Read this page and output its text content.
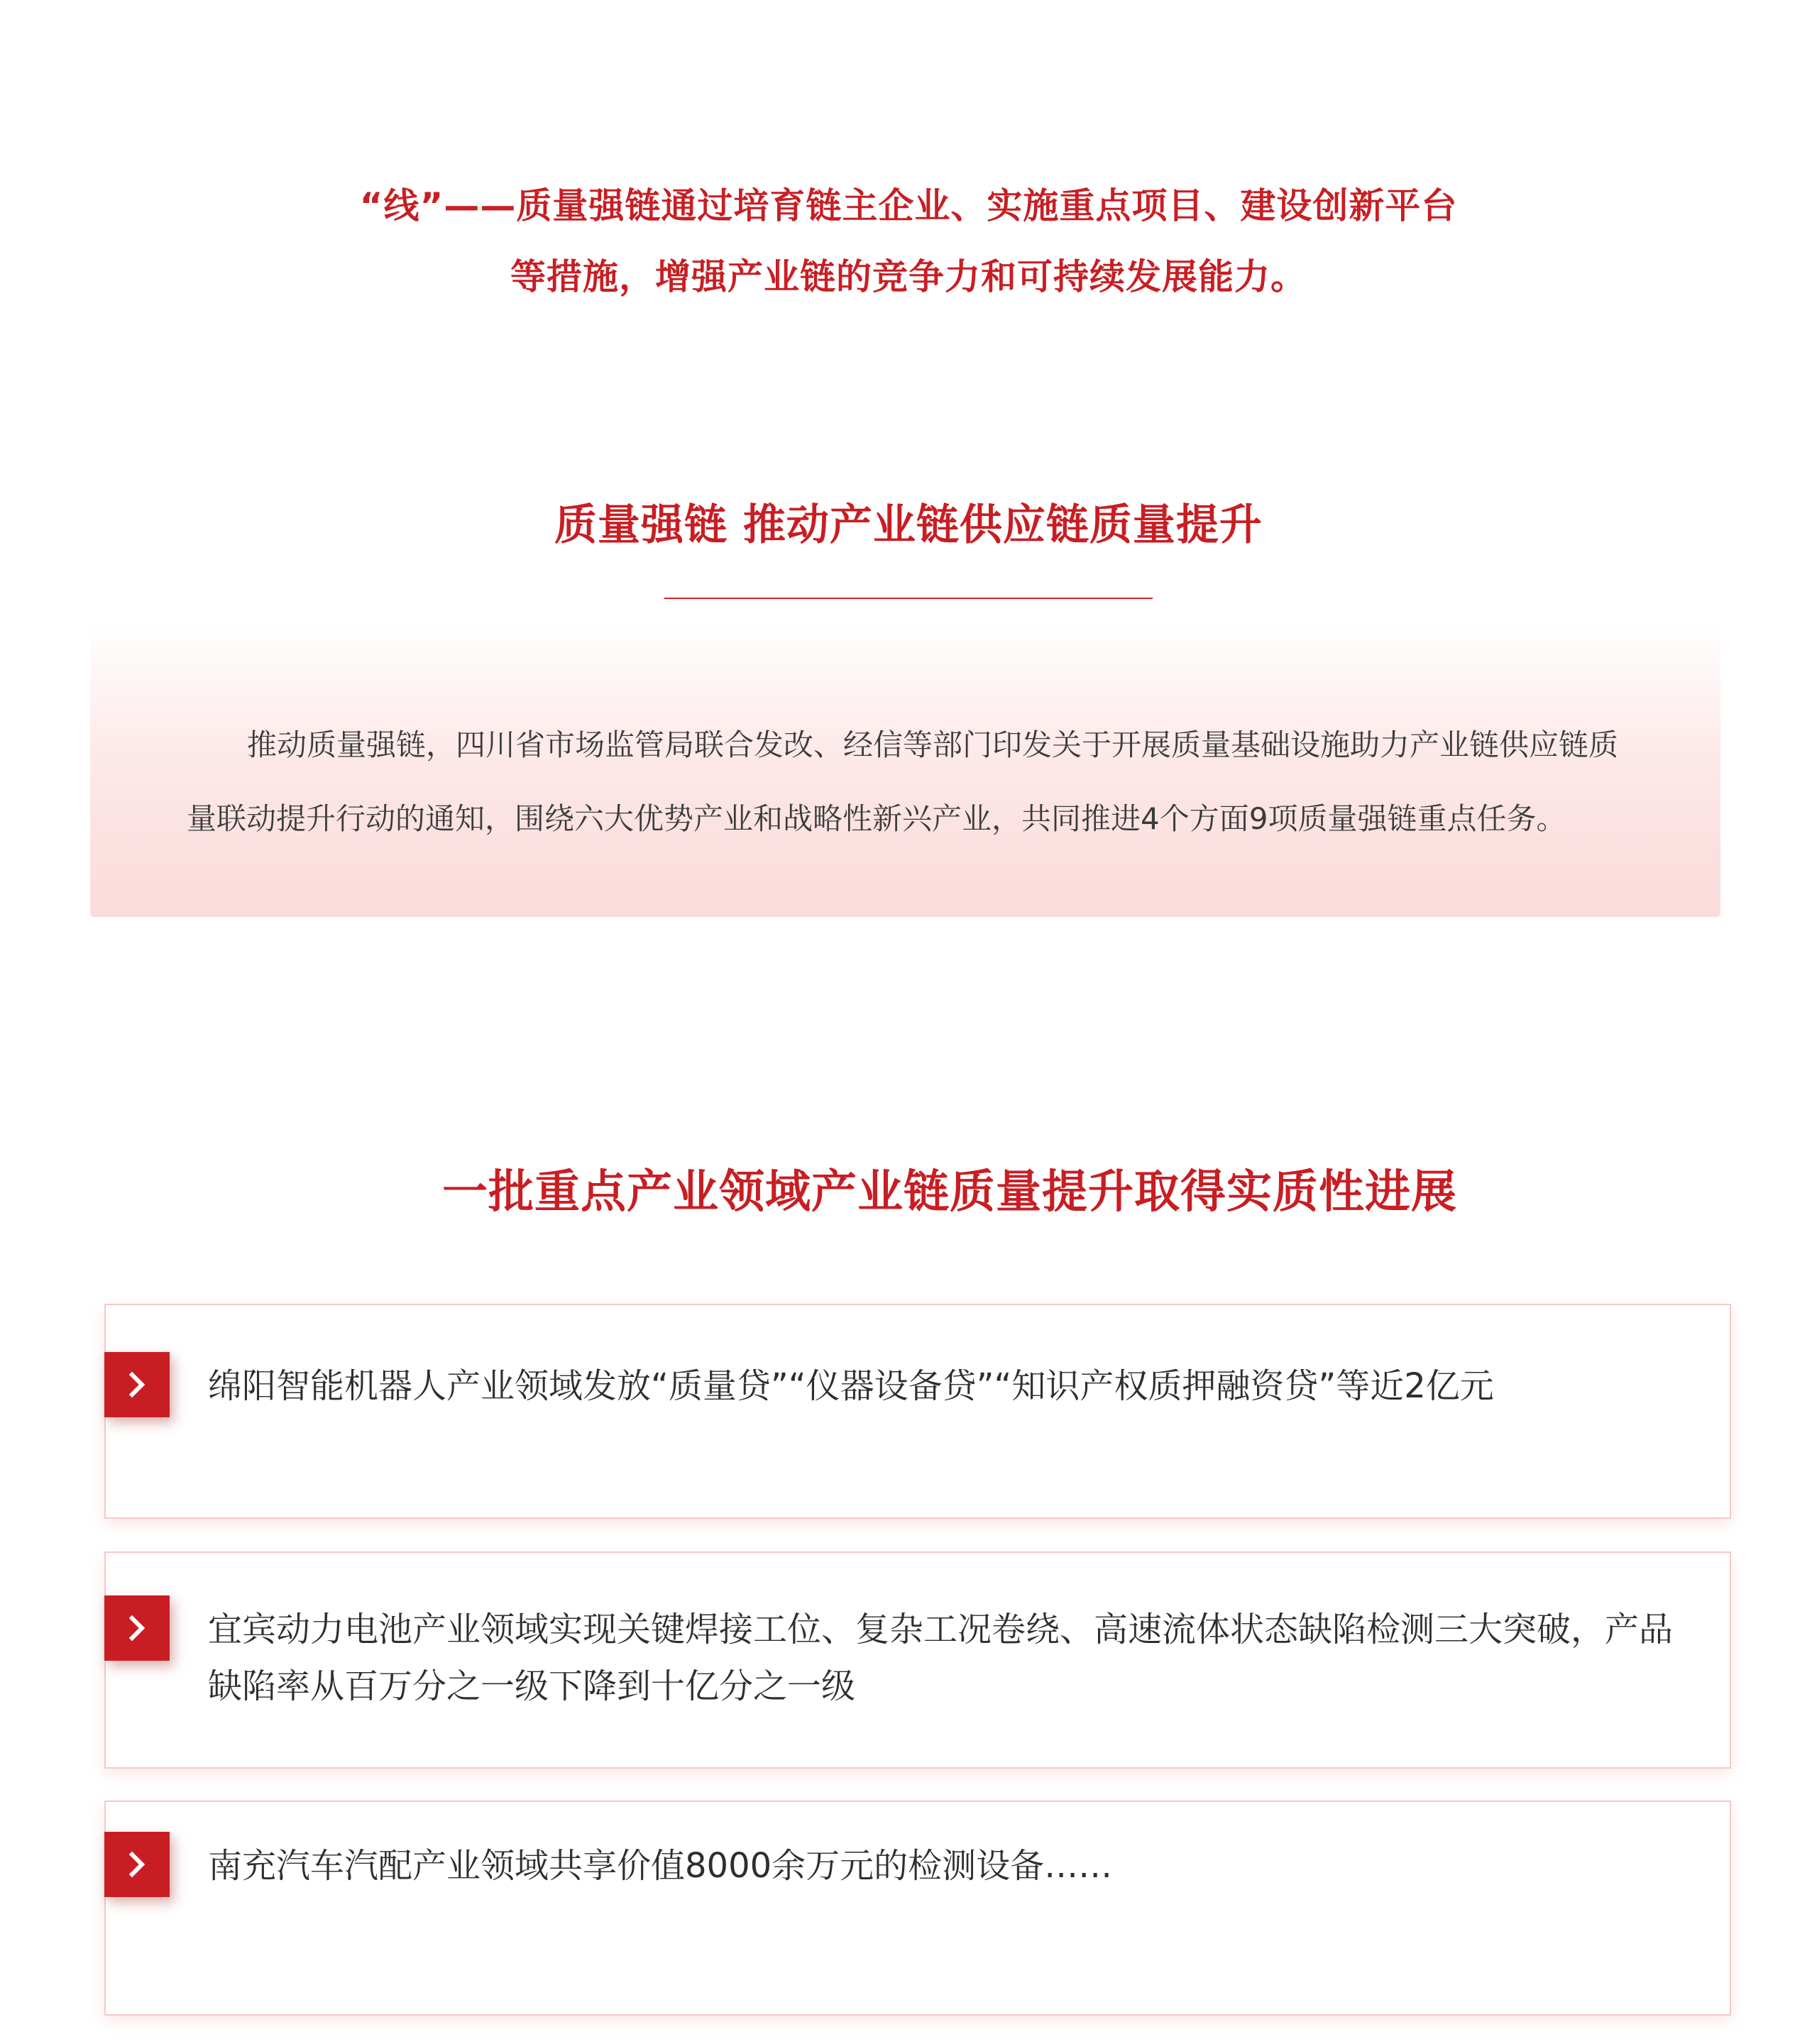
“线”——质量强链通过培育链主企业、实施重点项目、建设创新平台
等措施，增强产业链的竞争力和可持续发展能力。
质量强链 推动产业链供应链质量提升
推动质量强链，四川省市场监管局联合发改、经信等部门印发关于开展质量基础设施助力产业链供应链质量联动提升行动的通知，围绕六大优势产业和战略性新兴产业，共同推进4个方面9项质量强链重点任务。
一批重点产业领域产业链质量提升取得实质性进展
绵阳智能机器人产业领域发放“质量贷”“仪器设备贷”“知识产权质押融资贷”等近2亿元
宜宾动力电池产业领域实现关键焊接工位、复杂工况卷绕、高速流体状态缺陷检测三大突破，产品缺陷率从百万分之一级下降到十亿分之一级
南充汽车汽配产业领域共享价值8000余万元的检测设备……
